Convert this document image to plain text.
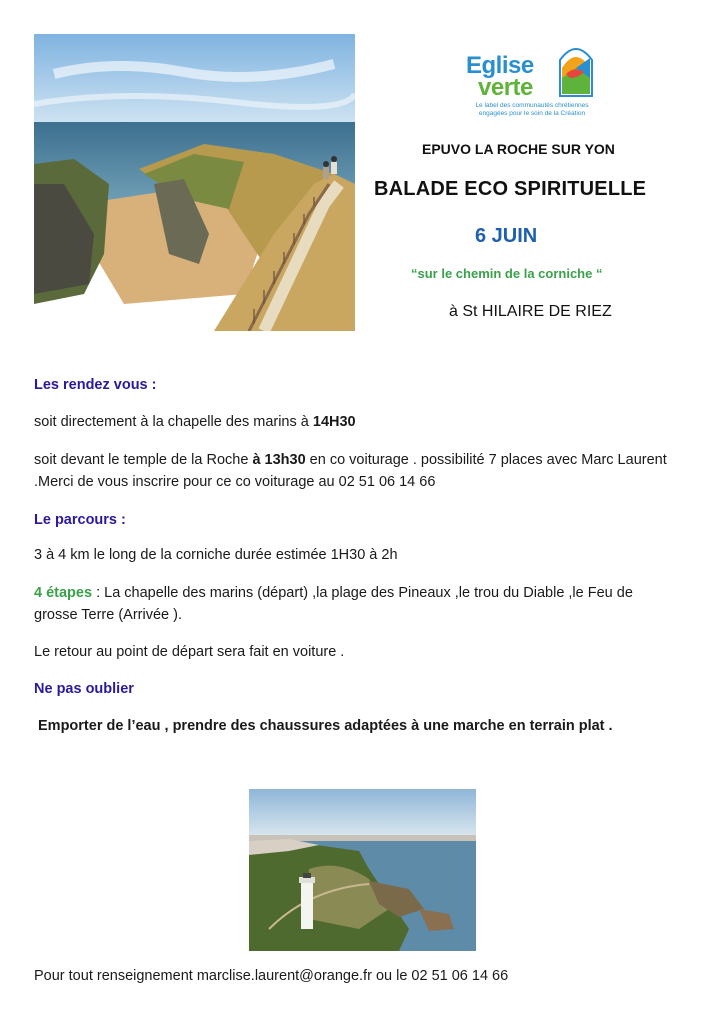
Eglise
verte
Le label des communautés chrétiennes
engagées pour le soin de la Création
EPUVO LA ROCHE SUR YON
BALADE ECO SPIRITUELLE
6 JUIN
“sur le chemin de la corniche “
à St HILAIRE DE RIEZ
Les rendez vous :
soit directement à la chapelle des marins à 14H30
soit devant le temple de la Roche à 13h30 en co voiturage . possibilité 7 places avec Marc Laurent .Merci de vous inscrire pour ce co voiturage au 02 51 06 14 66
Le parcours :
3 à 4 km le long de la corniche durée estimée 1H30 à 2h
4 étapes : La chapelle des marins (départ) ,la plage des Pineaux ,le trou du Diable ,le Feu de grosse Terre (Arrivée ).
Le retour au point de départ sera fait en voiture .
Ne pas oublier
Emporter de l’eau , prendre des chaussures adaptées à une marche en terrain plat .
Pour tout renseignement marclise.laurent@orange.fr ou le 02 51 06 14 66
